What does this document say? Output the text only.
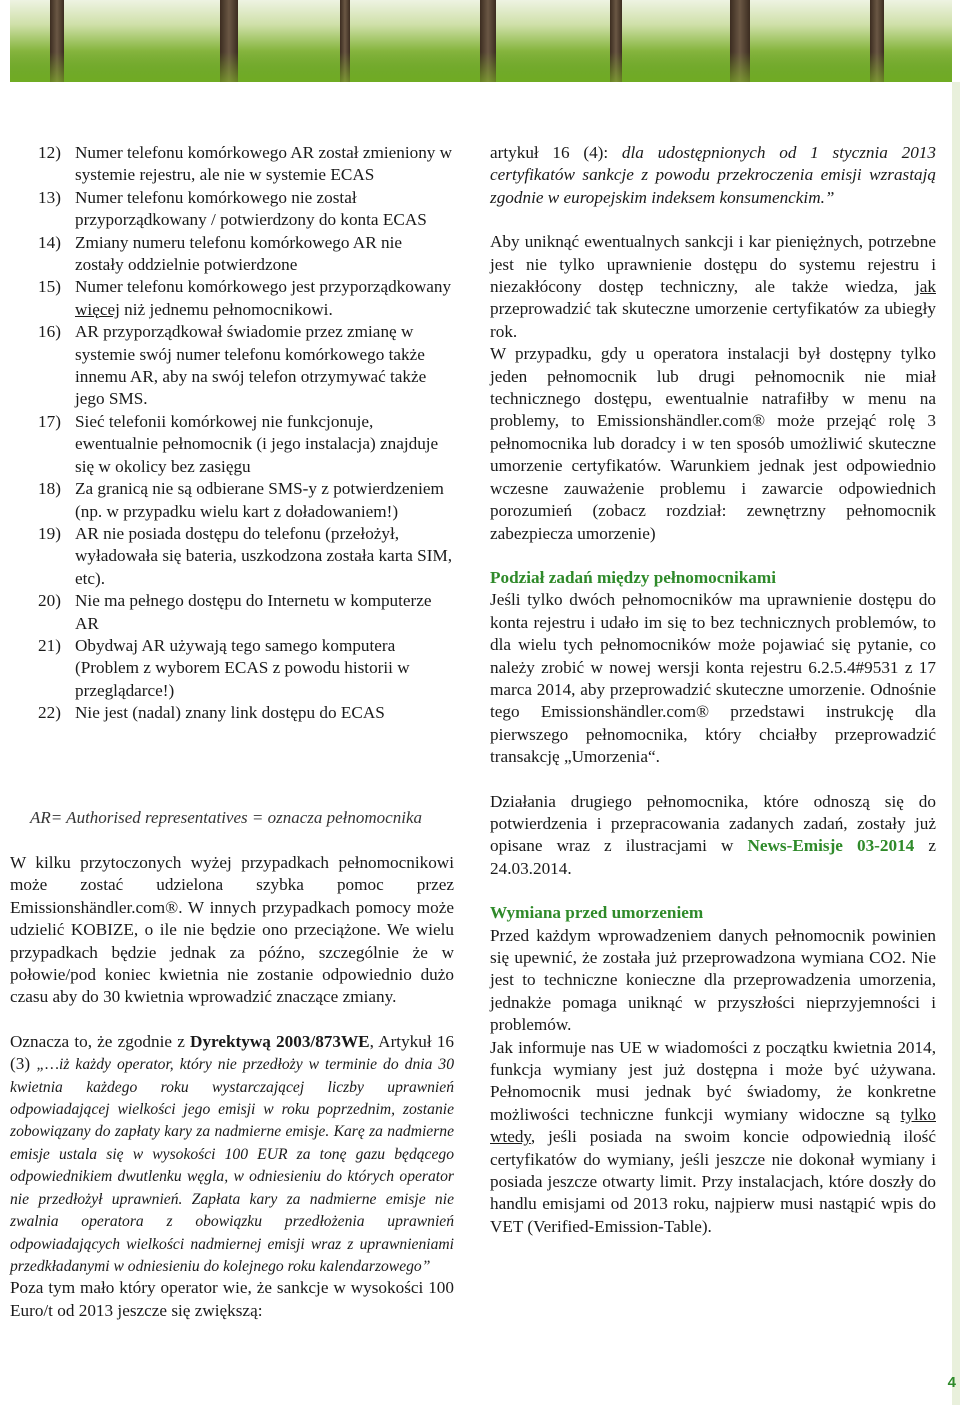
12) Numer telefonu komórkowego AR został zmieniony w systemie rejestru, ale nie w systemie ECAS
13) Numer telefonu komórkowego nie został przyporządkowany / potwierdzony do konta ECAS
14) Zmiany numeru telefonu komórkowego AR nie zostały oddzielnie potwierdzone
15) Numer telefonu komórkowego jest przyporządkowany więcej niż jednemu pełnomocnikowi.
16) AR przyporządkował świadomie przez zmianę w systemie swój numer telefonu komórkowego także innemu AR, aby na swój telefon otrzymywać także jego SMS.
17) Sieć telefonii komórkowej nie funkcjonuje, ewentualnie pełnomocnik (i jego instalacja) znajduje się w okolicy bez zasięgu
18) Za granicą nie są odbierane SMS-y z potwierdzeniem (np. w przypadku wielu kart z doładowaniem!)
19) AR nie posiada dostępu do telefonu (przełożył, wyładowała się bateria, uszkodzona została karta SIM, etc).
20) Nie ma pełnego dostępu do Internetu w komputerze AR
21) Obydwaj AR używają tego samego komputera (Problem z wyborem ECAS z powodu historii w przeglądarce!)
22) Nie jest (nadal) znany link dostępu do ECAS
AR= Authorised representatives = oznacza pełnomocnika

W kilku przytoczonych wyżej przypadkach pełnomocnikowi może zostać udzielona szybka pomoc przez Emissionshändler.com®. W innych przypadkach pomocy może udzielić KOBIZE, o ile nie będzie ono przeciążone. We wielu przypadkach będzie jednak za późno, szczególnie że w połowie/pod koniec kwietnia nie zostanie odpowiednio dużo czasu aby do 30 kwietnia wprowadzić znaczące zmiany.

Oznacza to, że zgodnie z Dyrektywą 2003/873WE, Artykuł 16 (3) „…iż każdy operator, który nie przedłoży w terminie do dnia 30 kwietnia każdego roku wystarczającej liczby uprawnień odpowiadającej wielkości jego emisji w roku poprzednim, zostanie zobowiązany do zapłaty kary za nadmierne emisje. Karę za nadmierne emisje ustala się w wysokości 100 EUR za tonę gazu będącego odpowiednikiem dwutlenku węgla, w odniesieniu do których operator nie przedłożył uprawnień. Zapłata kary za nadmierne emisje nie zwalnia operatora z obowiązku przedłożenia uprawnień odpowiadających wielkości nadmiernej emisji wraz z uprawnieniami przedkładanymi w odniesieniu do kolejnego roku kalendarzowego”

Poza tym mało który operator wie, że sankcje w wysokości 100 Euro/t od 2013 jeszcze się zwiększą:

artykuł 16 (4): dla udostępnionych od 1 stycznia 2013 certyfikatów sankcje z powodu przekroczenia emisji wzrastają zgodnie w europejskim indeksem konsumenckim.”

Aby uniknąć ewentualnych sankcji i kar pieniężnych, potrzebne jest nie tylko uprawnienie dostępu do systemu rejestru i niezakłócony dostęp techniczny, ale także wiedza, jak przeprowadzić tak skuteczne umorzenie certyfikatów za ubiegły rok.

W przypadku, gdy u operatora instalacji był dostępny tylko jeden pełnomocnik lub drugi pełnomocnik nie miał technicznego dostępu, ewentualnie natrafiłby w menu na problemy, to Emissionshändler.com® może przejąć rolę 3 pełnomocnika lub doradcy i w ten sposób umożliwić skuteczne umorzenie certyfikatów. Warunkiem jednak jest odpowiednio wczesne zauważenie problemu i zawarcie odpowiednich porozumień (zobacz rozdział: zewnętrzny pełnomocnik zabezpiecza umorzenie)

Podział zadań między pełnomocnikami

Jeśli tylko dwóch pełnomocników ma uprawnienie dostępu do konta rejestru i udało im się to bez technicznych problemów, to dla wielu tych pełnomocników może pojawiać się pytanie, co należy zrobić w nowej wersji konta rejestru 6.2.5.4#9531 z 17 marca 2014, aby przeprowadzić skuteczne umorzenie. Odnośnie tego Emissionshändler.com® przedstawi instrukcję dla pierwszego pełnomocnika, który chciałby przeprowadzić transakcję „Umorzenia“.

Działania drugiego pełnomocnika, które odnoszą się do potwierdzenia i przepracowania zadanych zadań, zostały już opisane wraz z ilustracjami w News-Emisje 03-2014 z 24.03.2014.

Wymiana przed umorzeniem

Przed każdym wprowadzeniem danych pełnomocnik powinien się upewnić, że została już przeprowadzona wymiana CO2. Nie jest to techniczne konieczne dla przeprowadzenia umorzenia, jednakże pomaga uniknąć w przyszłości nieprzyjemności i problemów.

Jak informuje nas UE w wiadomości z początku kwietnia 2014, funkcja wymiany jest już dostępna i może być używana. Pełnomocnik musi jednak być świadomy, że konkretne możliwości techniczne funkcji wymiany widoczne są tylko wtedy, jeśli posiada na swoim koncie odpowiednią ilość certyfikatów do wymiany, jeśli jeszcze nie dokonał wymiany i posiada jeszcze otwarty limit. Przy instalacjach, które doszły do handlu emisjami od 2013 roku, najpierw musi nastąpić wpis do VET (Verified-Emission-Table).

4
